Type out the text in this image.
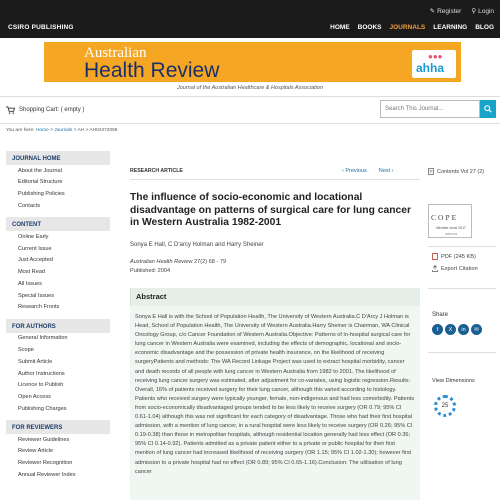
✎ Register ⚲ Login
CSIRO PUBLISHING	HOME BOOKS JOURNALS LEARNING BLOG
Australian
Health Review
●●●
ahha
Journal of the Australian Healthcare & Hospitals Association
Shopping Cart: ( empty )	Search This Journal...
You are here: Home > Journals > AH > AH04272068
JOURNAL HOME
About the Journal
Editorial Structure
Publishing Policies
Contacts
CONTENT
Online Early
Current Issue
Just Accepted
Most Read
All Issues
Special Issues
Research Fronts
FOR AUTHORS
General Information
Scope
Submit Article
Author Instructions
Licence to Publish
Open Access
Publishing Charges
FOR REVIEWERS
Reviewer Guidelines
Review Article
Reviewer Recognition
Annual Reviewer Index
RESEARCH ARTICLE	‹ Previous Next ›
The influence of socio-economic and locational disadvantage on patterns of surgical care for lung cancer in Western Australia 1982-2001
Sonya E Hall, C D'arcy Holman and Harry Sheiner
Australian Health Review 27(2) 68 - 79
Published: 2004
Abstract
Sonya E Hall is with the School of Population Health, The University of Western Australia.C D'Arcy J Holman is Head, School of Population Health, The University of Western Australia.Harry Sheiner is Chairman, WA Clinical Oncology Group, c/o Cancer Foundation of Western Australia.Objective: Patterns of in-hospital surgical care for lung cancer in Western Australia were examined, including the effects of demographic, locational and socio-economic disadvantage and the possession of private health insurance, on the likelihood of receiving surgeryPatients and methods: The WA Record Linkage Project was used to extract hospital morbidity, cancer and death records of all people with lung cancer in Western Australia from 1982 to 2001. The likelihood of receiving lung cancer surgery was estimated, after adjustment for co-variates, using logistic regression.Results: Overall, 16% of patients received surgery for their lung cancer, although this varied according to histology. Patients who received surgery were typically younger, female, non-indigenous and had less comorbidity. Patients from socio-economically disadvantaged groups tended to be less likely to receive surgery (OR 0.79; 95% CI 0.61-1.04) although this was not significant for each category of disadvantage. Those who had their first hospital admission, with a mention of lung cancer, in a rural hospital were less likely to receive surgery (OR 0.26; 95% CI 0.19-0.38) than those in metropolitan hospitals, although residential location generally had less effect (OR 0.36; 95% CI 0.14-0.92). Patients admitted as a private patient either to a private or public hospital for their first mention of lung cancer had increased likelihood of receiving surgery (OR 1.15; 95% CI 1.02-1.30); however first admission to a private hospital had no effect (OR 0.89; 95% CI 0.65-1.16).Conclusion: The utilisation of lung cancer
Contents Vol 27 (2)
COPE
Member since 2017
JM13733
PDF (245 KB)
Export Citation
Share
f	X	in	✉
View Dimensions
25
